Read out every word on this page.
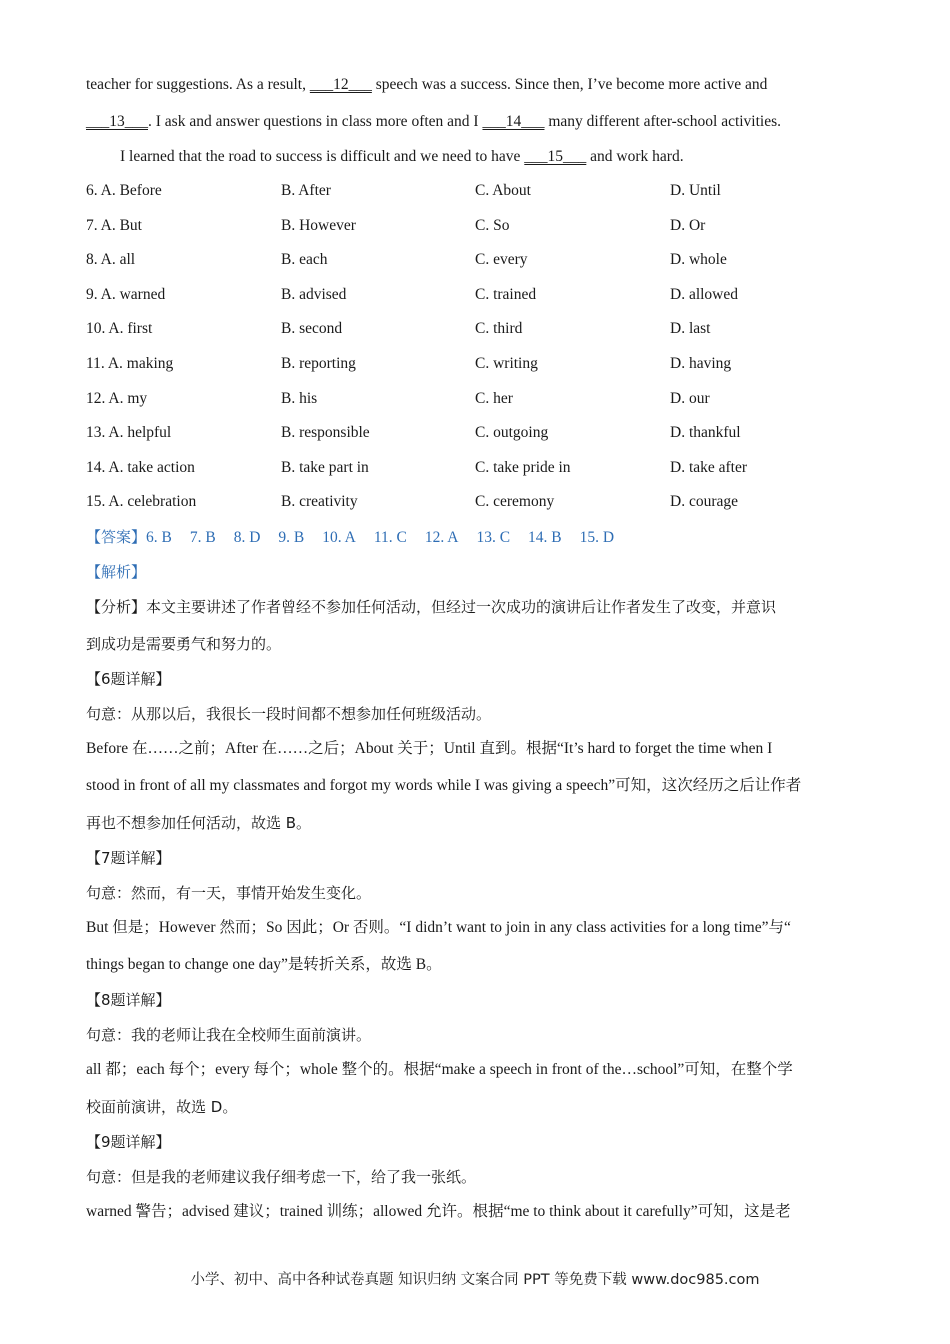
teacher for suggestions. As a result, ___12___ speech was a success. Since then, I’ve become more active and

___13___. I ask and answer questions in class more often and I ___14___ many different after-school activities.

I learned that the road to success is difficult and we need to have ___15___ and work hard.

6. A. Before	B. After	C. About	D. Until
7. A. But	B. However	C. So	D. Or
8. A. all	B. each	C. every	D. whole
9. A. warned	B. advised	C. trained	D. allowed
10. A. first	B. second	C. third	D. last
11. A. making	B. reporting	C. writing	D. having
12. A. my	B. his	C. her	D. our
13. A. helpful	B. responsible	C. outgoing	D. thankful
14. A. take action	B. take part in	C. take pride in	D. take after
15. A. celebration	B. creativity	C. ceremony	D. courage

【答案】6. B 7. B 8. D 9. B 10. A 11. C 12. A 13. C 14. B 15. D

【解析】

【分析】本文主要讲述了作者曾经不参加任何活动，但经过一次成功的演讲后让作者发生了改变，并意识

到成功是需要勇气和努力的。

【6题详解】

句意：从那以后，我很长一段时间都不想参加任何班级活动。

Before 在……之前；After 在……之后；About 关于；Until 直到。根据“It’s hard to forget the time when I

stood in front of all my classmates and forgot my words while I was giving a speech”可知，这次经历之后让作者

再也不想参加任何活动，故选 B。

【7题详解】

句意：然而，有一天，事情开始发生变化。

But 但是；However 然而；So 因此；Or 否则。“I didn’t want to join in any class activities for a long time”与“

things began to change one day”是转折关系，故选 B。

【8题详解】

句意：我的老师让我在全校师生面前演讲。

all 都；each 每个；every 每个；whole 整个的。根据“make a speech in front of the…school”可知，在整个学

校面前演讲，故选 D。

【9题详解】

句意：但是我的老师建议我仔细考虑一下，给了我一张纸。

warned 警告；advised 建议；trained 训练；allowed 允许。根据“me to think about it carefully”可知，这是老

小学、初中、高中各种试卷真题 知识归纳 文案合同 PPT 等免费下载 www.doc985.com
